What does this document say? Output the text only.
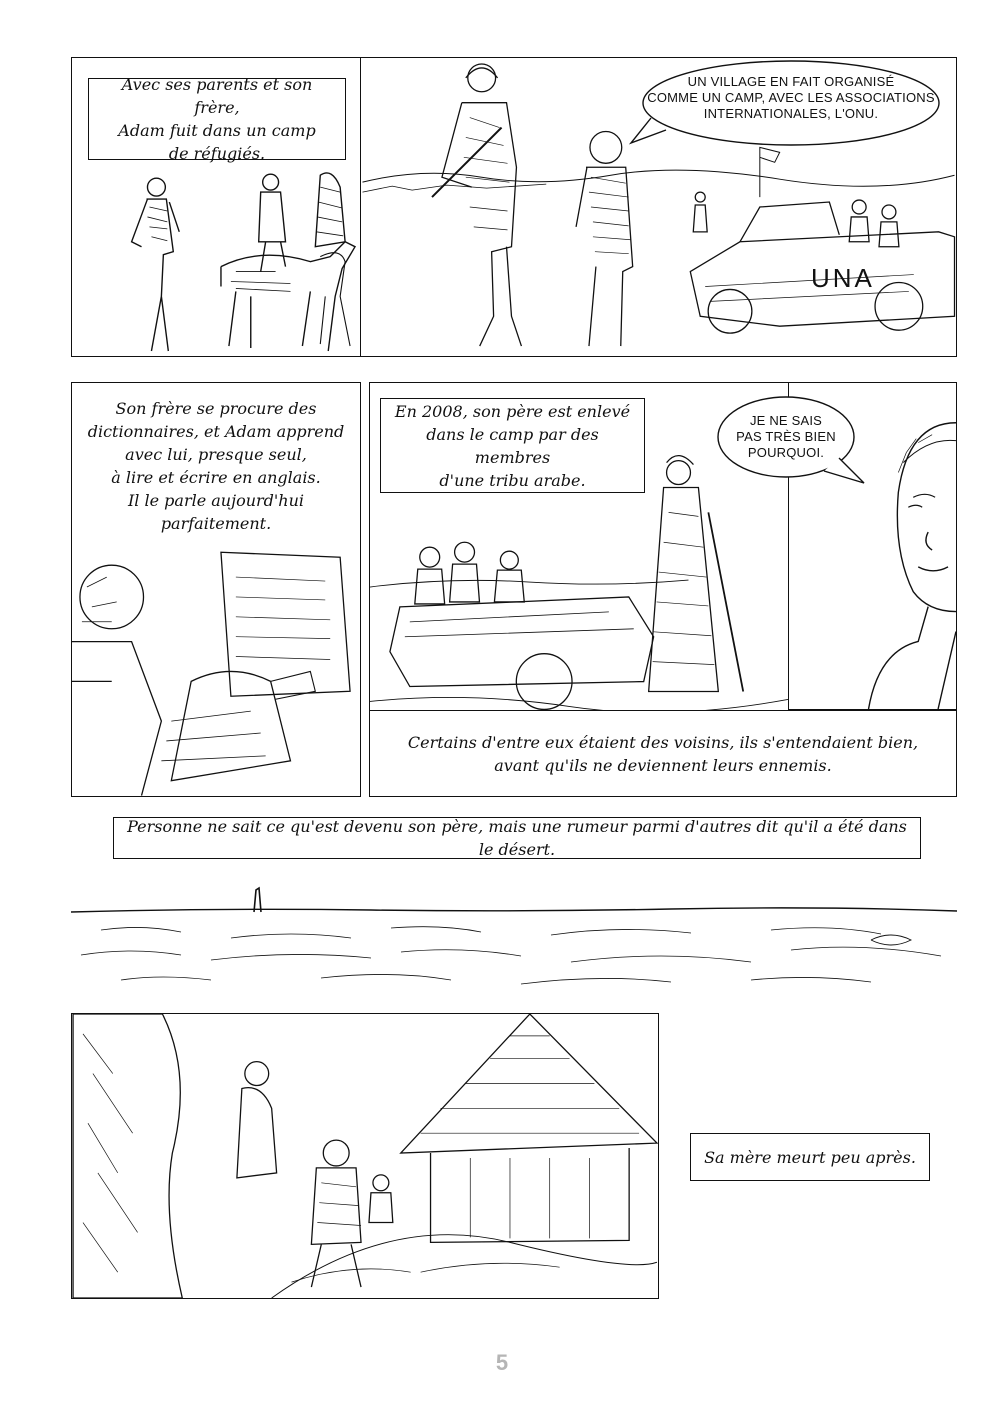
Avec ses parents et son frère,
Adam fuit dans un camp
de réfugiés.
UN VILLAGE EN FAIT ORGANISÉ
COMME UN CAMP, AVEC LES ASSOCIATIONS
INTERNATIONALES, L'ONU.
UNA
Son frère se procure des
dictionnaires, et Adam apprend
avec lui, presque seul,
à lire et écrire en anglais.
Il le parle aujourd'hui
parfaitement.
En 2008, son père est enlevé
dans le camp par des membres
d'une tribu arabe.
JE NE SAIS
PAS TRÈS BIEN
POURQUOI.
Certains d'entre eux étaient des voisins, ils s'entendaient bien,
avant qu'ils ne deviennent leurs ennemis.
Personne ne sait ce qu'est devenu son père, mais une rumeur parmi d'autres dit qu'il a été dans le désert.
Sa mère meurt peu après.
5
